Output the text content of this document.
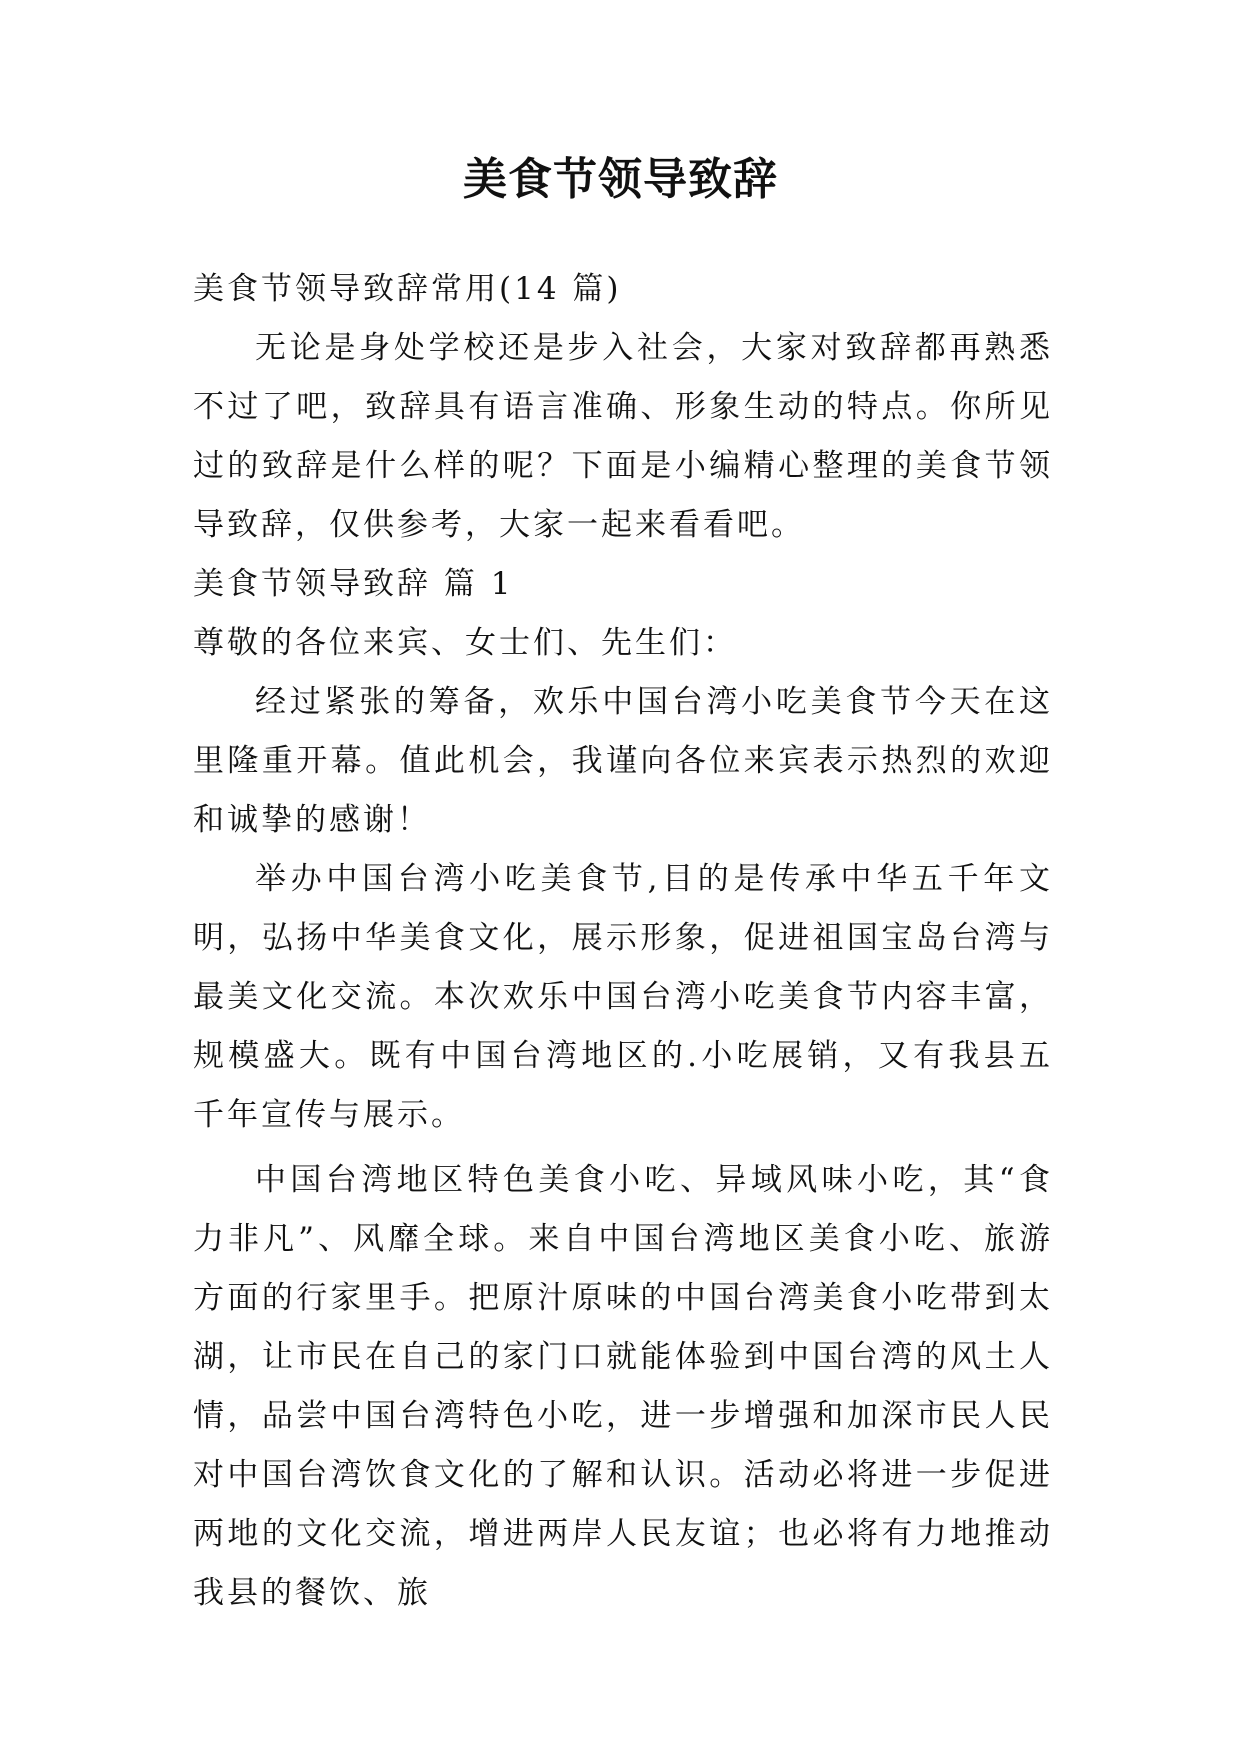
美食节领导致辞

美食节领导致辞常用(14 篇)

无论是身处学校还是步入社会，大家对致辞都再熟悉不过了吧，致辞具有语言准确、形象生动的特点。你所见过的致辞是什么样的呢？下面是小编精心整理的美食节领导致辞，仅供参考，大家一起来看看吧。

美食节领导致辞 篇 1

尊敬的各位来宾、女士们、先生们：

经过紧张的筹备，欢乐中国台湾小吃美食节今天在这里隆重开幕。值此机会，我谨向各位来宾表示热烈的欢迎和诚挚的感谢！

举办中国台湾小吃美食节,目的是传承中华五千年文明，弘扬中华美食文化，展示形象，促进祖国宝岛台湾与最美文化交流。本次欢乐中国台湾小吃美食节内容丰富，规模盛大。既有中国台湾地区的.小吃展销，又有我县五千年宣传与展示。

中国台湾地区特色美食小吃、异域风味小吃，其“食力非凡”、风靡全球。来自中国台湾地区美食小吃、旅游方面的行家里手。把原汁原味的中国台湾美食小吃带到太湖，让市民在自己的家门口就能体验到中国台湾的风土人情，品尝中国台湾特色小吃，进一步增强和加深市民人民对中国台湾饮食文化的了解和认识。活动必将进一步促进两地的文化交流，增进两岸人民友谊；也必将有力地推动我县的餐饮、旅
